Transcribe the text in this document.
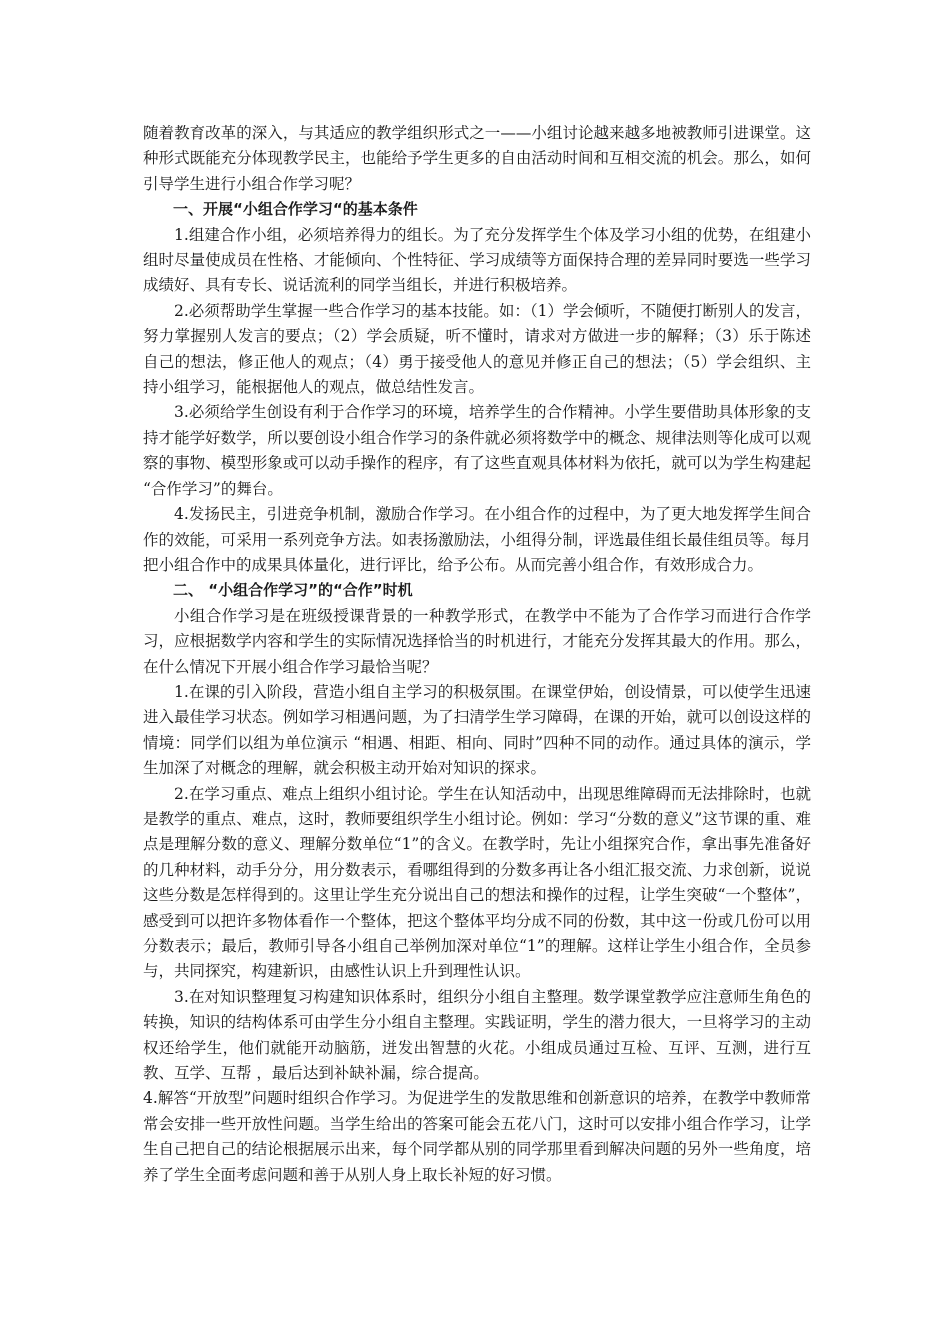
随着教育改革的深入，与其适应的教学组织形式之一——小组讨论越来越多地被教师引进课堂。这种形式既能充分体现教学民主，也能给予学生更多的自由活动时间和互相交流的机会。那么，如何引导学生进行小组合作学习呢？

一、开展“小组合作学习“的基本条件

1.组建合作小组，必须培养得力的组长。为了充分发挥学生个体及学习小组的优势，在组建小组时尽量使成员在性格、才能倾向、个性特征、学习成绩等方面保持合理的差异同时要选一些学习成绩好、具有专长、说话流利的同学当组长，并进行积极培养。

2.必须帮助学生掌握一些合作学习的基本技能。如：（1）学会倾听，不随便打断别人的发言，努力掌握别人发言的要点；（2）学会质疑，听不懂时，请求对方做进一步的解释；（3）乐于陈述自己的想法，修正他人的观点；（4）勇于接受他人的意见并修正自己的想法；（5）学会组织、主持小组学习，能根据他人的观点，做总结性发言。

3.必须给学生创设有利于合作学习的环境，培养学生的合作精神。小学生要借助具体形象的支持才能学好数学，所以要创设小组合作学习的条件就必须将数学中的概念、规律法则等化成可以观察的事物、模型形象或可以动手操作的程序，有了这些直观具体材料为依托，就可以为学生构建起 “合作学习”的舞台。

4.发扬民主，引进竞争机制，激励合作学习。在小组合作的过程中，为了更大地发挥学生间合作的效能，可采用一系列竞争方法。如表扬激励法，小组得分制，评选最佳组长最佳组员等。每月把小组合作中的成果具体量化，进行评比，给予公布。从而完善小组合作，有效形成合力。

二、 “小组合作学习”的“合作”时机

小组合作学习是在班级授课背景的一种教学形式，在教学中不能为了合作学习而进行合作学习，应根据数学内容和学生的实际情况选择恰当的时机进行，才能充分发挥其最大的作用。那么，在什么情况下开展小组合作学习最恰当呢？

1.在课的引入阶段，营造小组自主学习的积极氛围。在课堂伊始，创设情景，可以使学生迅速进入最佳学习状态。例如学习相遇问题，为了扫清学生学习障碍，在课的开始，就可以创设这样的情境：同学们以组为单位演示 “相遇、相距、相向、同时”四种不同的动作。通过具体的演示，学生加深了对概念的理解，就会积极主动开始对知识的探求。

2.在学习重点、难点上组织小组讨论。学生在认知活动中，出现思维障碍而无法排除时，也就是教学的重点、难点，这时，教师要组织学生小组讨论。例如：学习“分数的意义”这节课的重、难点是理解分数的意义、理解分数单位“1”的含义。在教学时，先让小组探究合作，拿出事先准备好的几种材料，动手分分，用分数表示，看哪组得到的分数多再让各小组汇报交流、力求创新，说说这些分数是怎样得到的。这里让学生充分说出自己的想法和操作的过程，让学生突破“一个整体”，感受到可以把许多物体看作一个整体，把这个整体平均分成不同的份数，其中这一份或几份可以用分数表示；最后，教师引导各小组自己举例加深对单位“1”的理解。这样让学生小组合作，全员参与，共同探究，构建新识，由感性认识上升到理性认识。

3.在对知识整理复习构建知识体系时，组织分小组自主整理。数学课堂教学应注意师生角色的转换，知识的结构体系可由学生分小组自主整理。实践证明，学生的潜力很大，一旦将学习的主动权还给学生，他们就能开动脑筋，迸发出智慧的火花。小组成员通过互检、互评、互测，进行互教、互学、互帮 ，最后达到补缺补漏，综合提高。

4.解答“开放型”问题时组织合作学习。为促进学生的发散思维和创新意识的培养，在教学中教师常常会安排一些开放性问题。当学生给出的答案可能会五花八门，这时可以安排小组合作学习，让学生自己把自己的结论根据展示出来，每个同学都从别的同学那里看到解决问题的另外一些角度，培养了学生全面考虑问题和善于从别人身上取长补短的好习惯。
